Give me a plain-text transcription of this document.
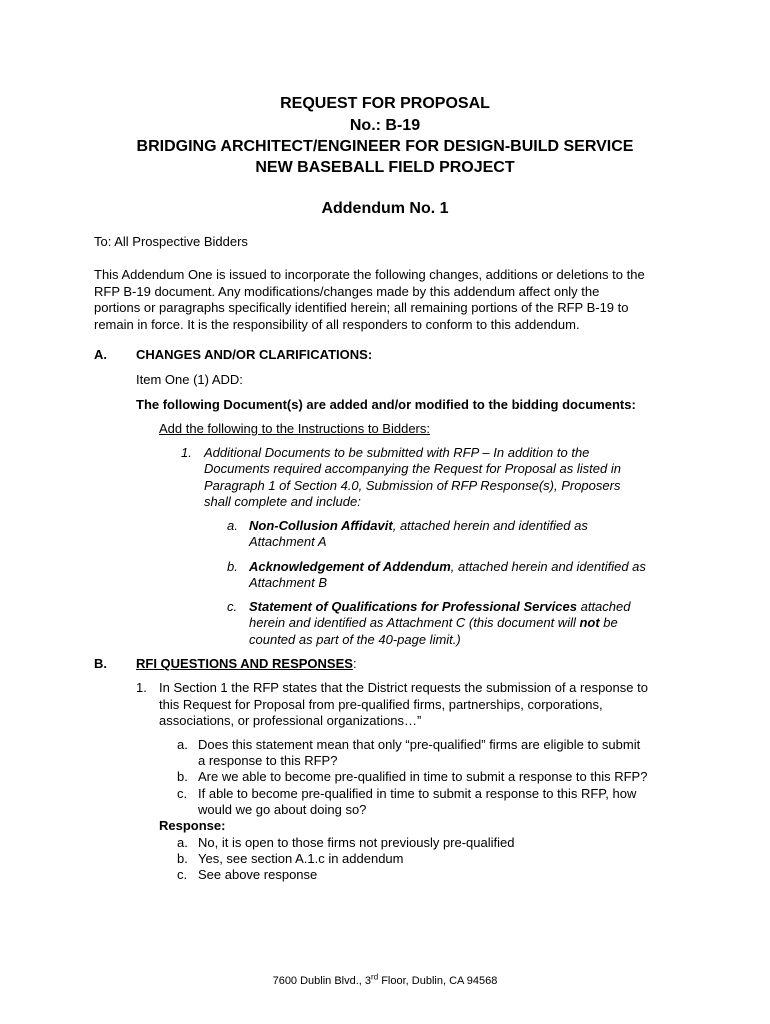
REQUEST FOR PROPOSAL
No.: B-19
BRIDGING ARCHITECT/ENGINEER FOR DESIGN-BUILD SERVICE
NEW BASEBALL FIELD PROJECT
Addendum No. 1
To: All Prospective Bidders
This Addendum One is issued to incorporate the following changes, additions or deletions to the
RFP B-19 document. Any modifications/changes made by this addendum affect only the
portions or paragraphs specifically identified herein; all remaining portions of the RFP B-19 to
remain in force. It is the responsibility of all responders to conform to this addendum.
A. CHANGES AND/OR CLARIFICATIONS:
Item One (1) ADD:
The following Document(s) are added and/or modified to the bidding documents:
Add the following to the Instructions to Bidders:
1. Additional Documents to be submitted with RFP – In addition to the
Documents required accompanying the Request for Proposal as listed in
Paragraph 1 of Section 4.0, Submission of RFP Response(s), Proposers
shall complete and include:
a. Non-Collusion Affidavit, attached herein and identified as
Attachment A
b. Acknowledgement of Addendum, attached herein and identified as
Attachment B
c. Statement of Qualifications for Professional Services attached
herein and identified as Attachment C (this document will not be
counted as part of the 40-page limit.)
B. RFI QUESTIONS AND RESPONSES:
1. In Section 1 the RFP states that the District requests the submission of a response to
this Request for Proposal from pre-qualified firms, partnerships, corporations,
associations, or professional organizations…”
a. Does this statement mean that only “pre-qualified” firms are eligible to submit
a response to this RFP?
b. Are we able to become pre-qualified in time to submit a response to this RFP?
c. If able to become pre-qualified in time to submit a response to this RFP, how
would we go about doing so?
Response:
a. No, it is open to those firms not previously pre-qualified
b. Yes, see section A.1.c in addendum
c. See above response
7600 Dublin Blvd., 3rd Floor, Dublin, CA 94568
